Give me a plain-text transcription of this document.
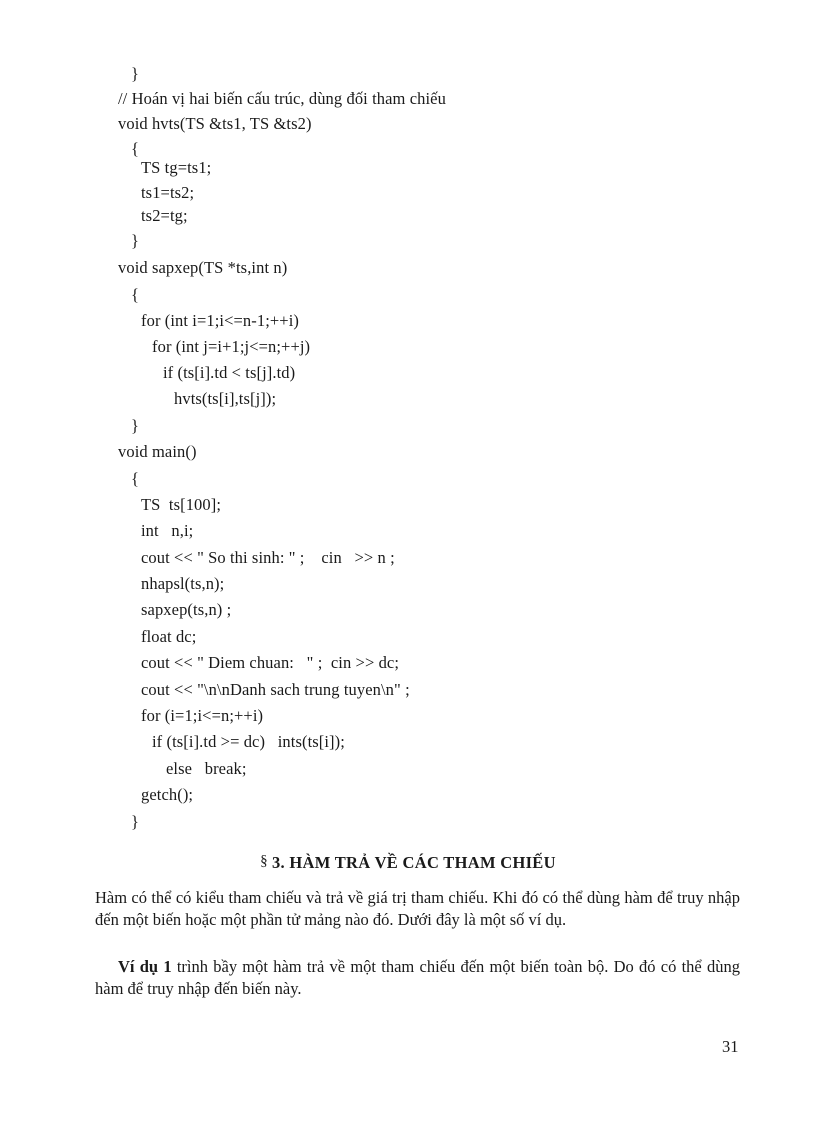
}
// Hoán vị hai biến cấu trúc, dùng đối tham chiếu
void hvts(TS &ts1, TS &ts2)
{
TS tg=ts1;
ts1=ts2;
ts2=tg;
}
void sapxep(TS *ts,int n)
{
for (int i=1;i<=n-1;++i)
for (int j=i+1;j<=n;++j)
if (ts[i].td < ts[j].td)
hvts(ts[i],ts[j]);
}
void main()
{
TS  ts[100];
int   n,i;
cout << " So thi sinh: " ;    cin   >> n ;
nhapsl(ts,n);
sapxep(ts,n) ;
float dc;
cout << " Diem chuan:   " ;  cin >> dc;
cout << "\n\nDanh sach trung tuyen\n" ;
for (i=1;i<=n;++i)
if (ts[i].td >= dc)   ints(ts[i]);
else   break;
getch();
}
§ 3. HÀM TRẢ VỀ CÁC THAM CHIẾU
Hàm có thể có kiểu tham chiếu và trả về giá trị tham chiếu. Khi đó có thể dùng hàm để truy nhập đến một biến hoặc một phần tử mảng nào đó. Dưới đây là một số ví dụ.
Ví dụ 1 trình bầy một hàm trả về một tham chiếu đến một biến toàn bộ. Do đó có thể dùng hàm để truy nhập đến biến này.
31
